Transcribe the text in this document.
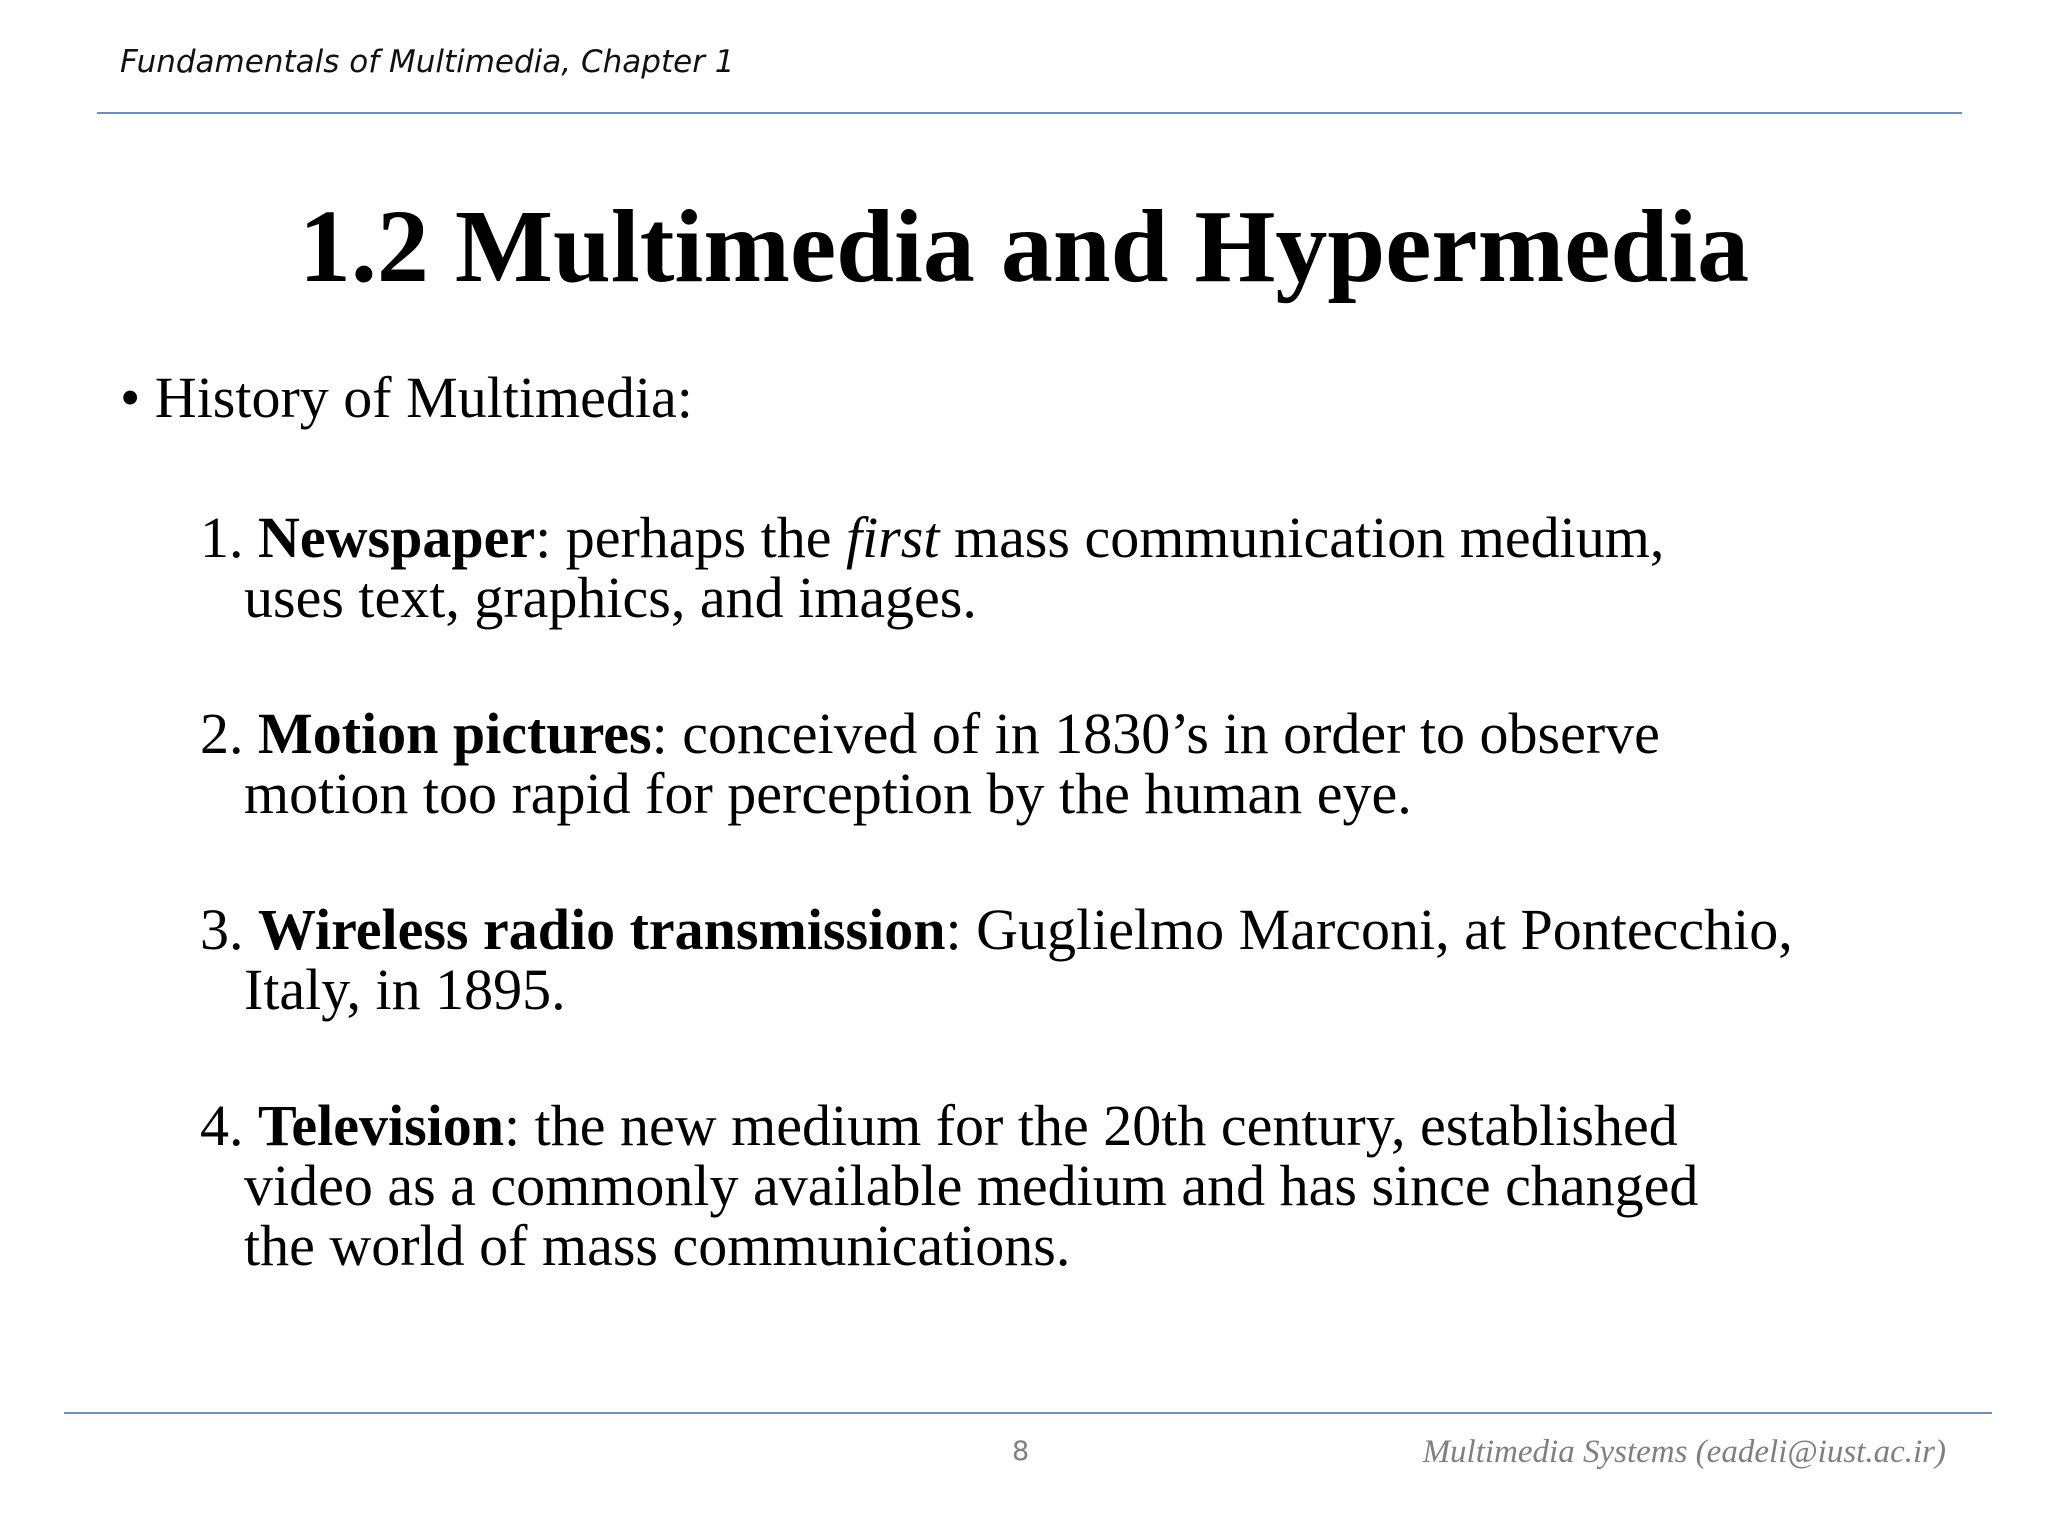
Fundamentals of Multimedia, Chapter 1
1.2 Multimedia and Hypermedia
• History of Multimedia:
1. Newspaper: perhaps the first mass communication medium,
uses text, graphics, and images.
2. Motion pictures: conceived of in 1830’s in order to observe
motion too rapid for perception by the human eye.
3. Wireless radio transmission: Guglielmo Marconi, at Pontecchio,
Italy, in 1895.
4. Television: the new medium for the 20th century, established
video as a commonly available medium and has since changed
the world of mass communications.
8	Multimedia Systems (eadeli@iust.ac.ir)
